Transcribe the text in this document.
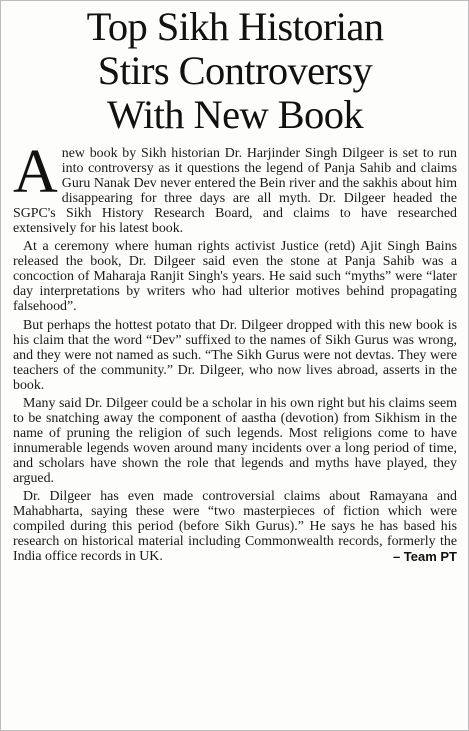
Top Sikh Historian
Stirs Controversy
With New Book

Anew book by Sikh historian Dr. Harjinder Singh Dilgeer is set to run into controversy as it questions the legend of Panja Sahib and claims Guru Nanak Dev never entered the Bein river and the sakhis about him disappearing for three days are all myth. Dr. Dilgeer headed the SGPC's Sikh History Research Board, and claims to have researched extensively for his latest book.

At a ceremony where human rights activist Justice (retd) Ajit Singh Bains released the book, Dr. Dilgeer said even the stone at Panja Sahib was a concoction of Maharaja Ranjit Singh's years. He said such “myths” were “later day interpretations by writers who had ulterior motives behind propagating falsehood”.

But perhaps the hottest potato that Dr. Dilgeer dropped with this new book is his claim that the word “Dev” suffixed to the names of Sikh Gurus was wrong, and they were not named as such. “The Sikh Gurus were not devtas. They were teachers of the community.” Dr. Dilgeer, who now lives abroad, asserts in the book.

Many said Dr. Dilgeer could be a scholar in his own right but his claims seem to be snatching away the component of aastha (devotion) from Sikhism in the name of pruning the religion of such legends. Most religions come to have innumerable legends woven around many incidents over a long period of time, and scholars have shown the role that legends and myths have played, they argued.

Dr. Dilgeer has even made controversial claims about Ramayana and Mahabharta, saying these were “two masterpieces of fiction which were compiled during this period (before Sikh Gurus).” He says he has based his research on historical material including Commonwealth records, formerly the India office records in UK.	– Team PT
